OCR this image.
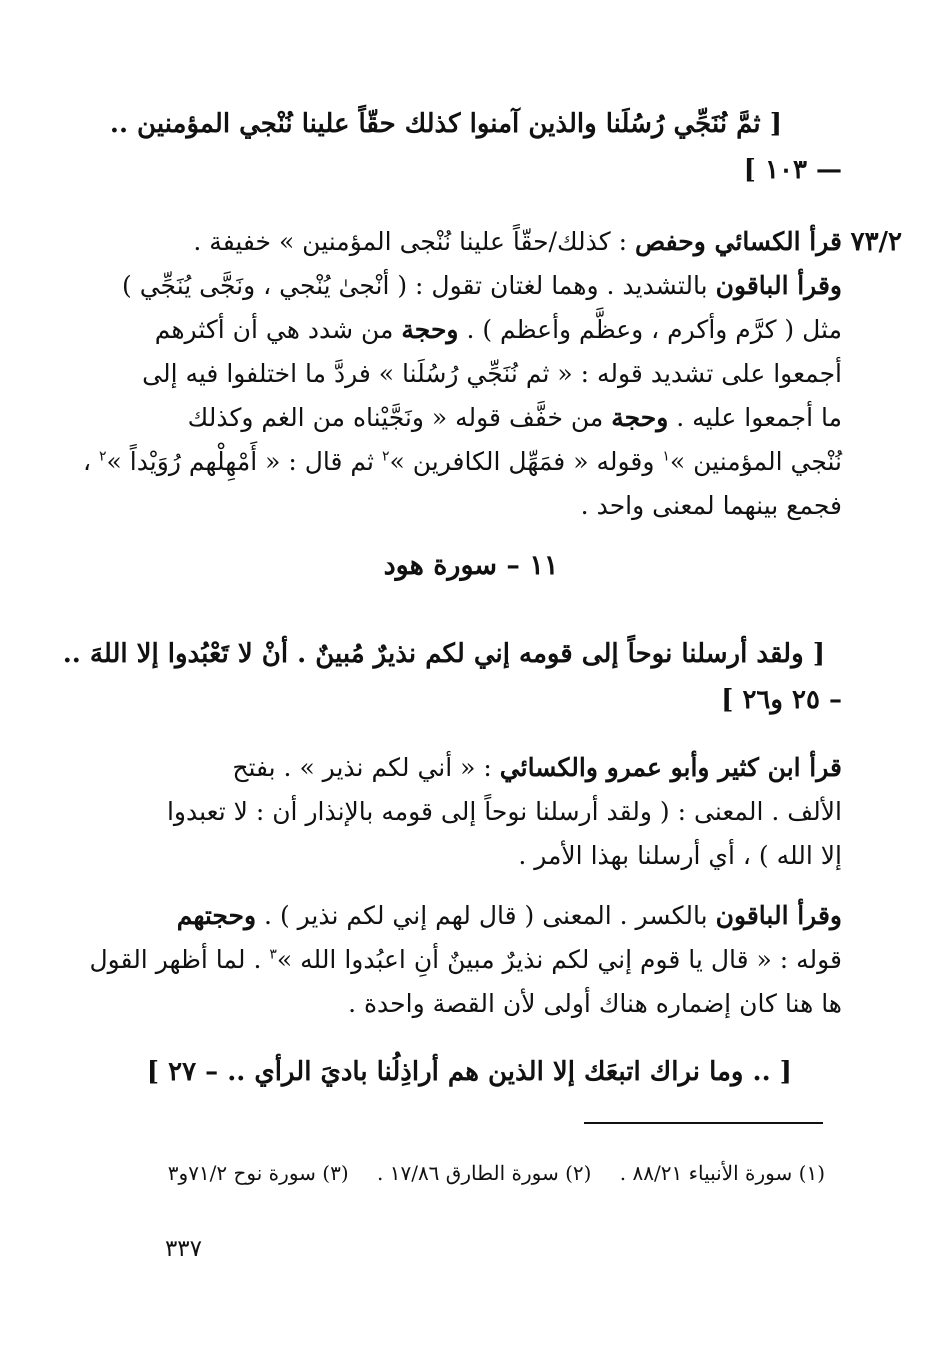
[ ثمَّ نُنَجِّي رُسُلَنا والذين آمنوا كذلك حقّاً علينا نُنْجي المؤمنين ..
— ١٠٣ ]
٧٣/٢
قرأ الكسائي وحفص : كذلك/حقّاً علينا نُنْجى المؤمنين » خفيفة .
وقرأ الباقون بالتشديد . وهما لغتان تقول : ( أنْجىٰ يُنْجي ، ونَجَّى يُنَجِّي )
مثل ( كرَّم وأكرم ، وعظَّم وأعظم ) . وحجة من شدد هي أن أكثرهم
أجمعوا على تشديد قوله : « ثم نُنَجِّي رُسُلَنا » فردَّ ما اختلفوا فيه إلى
ما أجمعوا عليه . وحجة من خفَّف قوله « ونَجَّيْناه من الغم وكذلك
نُنْجي المؤمنين »$^١$ وقوله « فمَهِّل الكافرين »$^٢$ ثم قال : « أَمْهِلْهم رُوَيْداً »$^٢$ ،
فجمع بينهما لمعنى واحد .
١١ – سورة هود
[ ولقد أرسلنا نوحاً إلى قومه إني لكم نذيرٌ مُبينٌ . أنْ لا تَعْبُدوا إلا اللهَ ..
– ٢٥ و٢٦ ]
قرأ ابن كثير وأبو عمرو والكسائي : « أني لكم نذير » . بفتح
الألف . المعنى : ( ولقد أرسلنا نوحاً إلى قومه بالإنذار أن : لا تعبدوا
إلا الله ) ، أي أرسلنا بهذا الأمر .
وقرأ الباقون بالكسر . المعنى ( قال لهم إني لكم نذير ) . وحجتهم
قوله : « قال يا قوم إني لكم نذيرٌ مبينٌ أنِ اعبُدوا الله »$^٣$ . لما أظهر القول
ها هنا كان إضماره هناك أولى لأن القصة واحدة .
[ .. وما نراك اتبعَك إلا الذين هم أراذِلُنا باديَ الرأي .. – ٢٧ ]
(١) سورة الأنبياء ٨٨/٢١ . (٢) سورة الطارق ١٧/٨٦ . (٣) سورة نوح ٧١/٢و٣
٣٣٧
